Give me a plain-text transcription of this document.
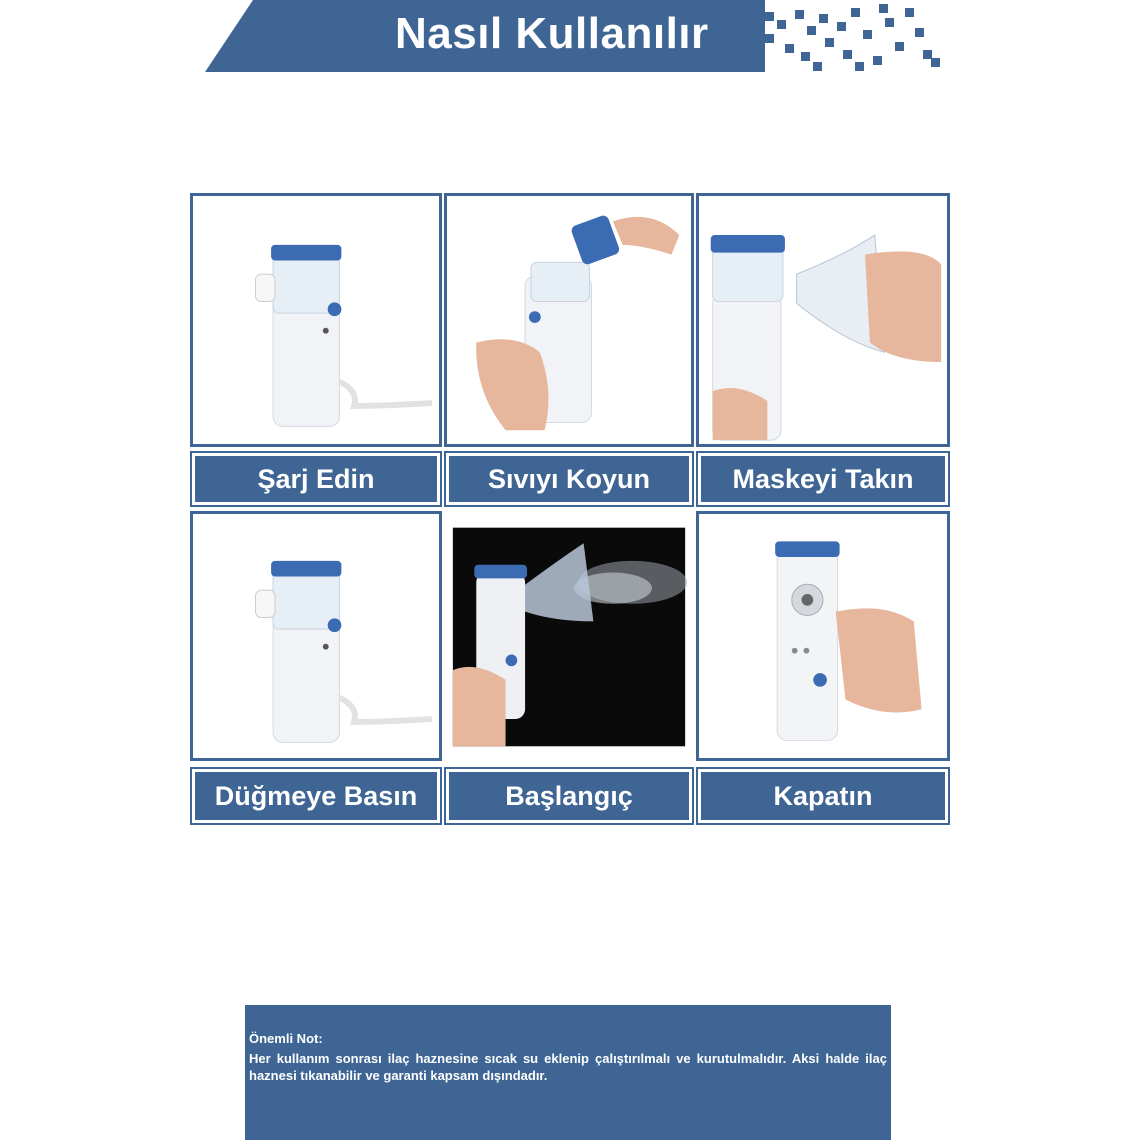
Nasıl Kullanılır
Şarj Edin	Sıvıyı Koyun	Maskeyi Takın
Düğmeye Basın	Başlangıç	Kapatın
Önemli Not:
Her kullanım sonrası ilaç haznesine sıcak su eklenip çalıştırılmalı ve kurutulmalıdır. Aksi halde ilaç haznesi tıkanabilir ve garanti kapsam dışındadır.
